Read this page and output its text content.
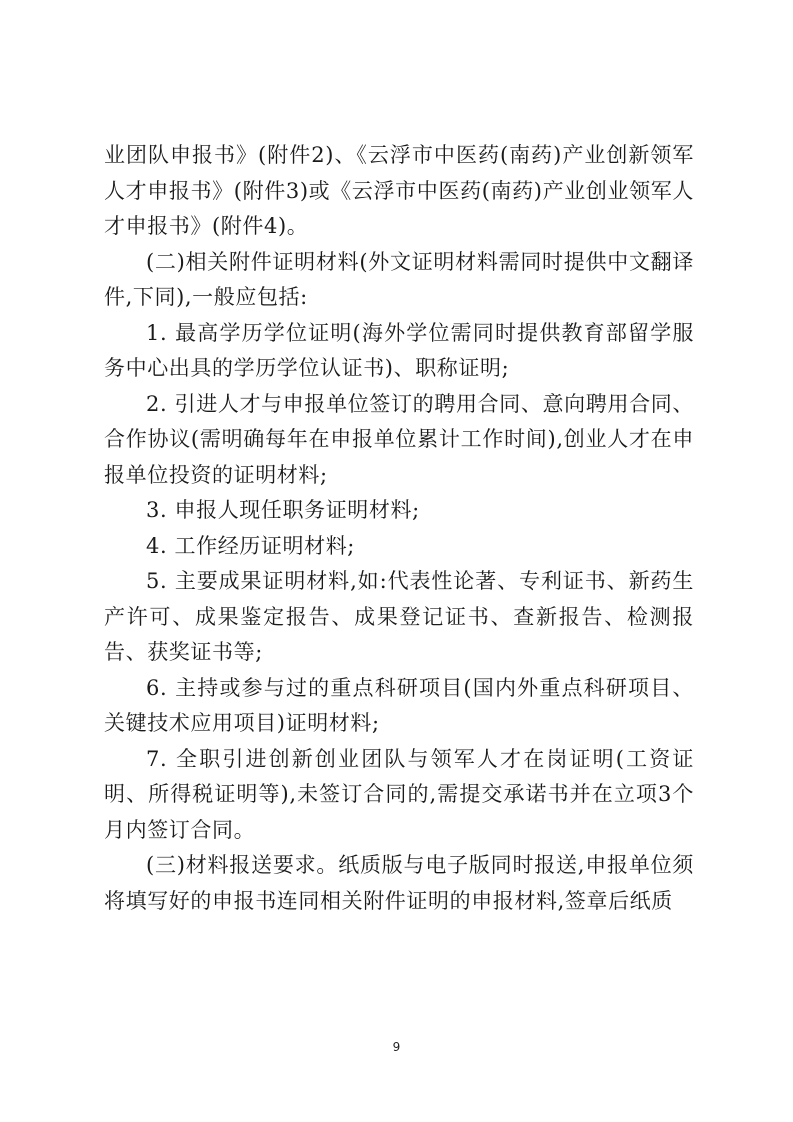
业团队申报书》(附件2)、《云浮市中医药(南药)产业创新领军人才申报书》(附件3)或《云浮市中医药(南药)产业创业领军人才申报书》(附件4)。

(二)相关附件证明材料(外文证明材料需同时提供中文翻译件,下同),一般应包括:

1. 最高学历学位证明(海外学位需同时提供教育部留学服务中心出具的学历学位认证书)、职称证明;

2. 引进人才与申报单位签订的聘用合同、意向聘用合同、合作协议(需明确每年在申报单位累计工作时间),创业人才在申报单位投资的证明材料;

3. 申报人现任职务证明材料;

4. 工作经历证明材料;

5. 主要成果证明材料,如:代表性论著、专利证书、新药生产许可、成果鉴定报告、成果登记证书、查新报告、检测报告、获奖证书等;

6. 主持或参与过的重点科研项目(国内外重点科研项目、关键技术应用项目)证明材料;

7. 全职引进创新创业团队与领军人才在岗证明(工资证明、所得税证明等),未签订合同的,需提交承诺书并在立项3个月内签订合同。

(三)材料报送要求。纸质版与电子版同时报送,申报单位须将填写好的申报书连同相关附件证明的申报材料,签章后纸质

9
